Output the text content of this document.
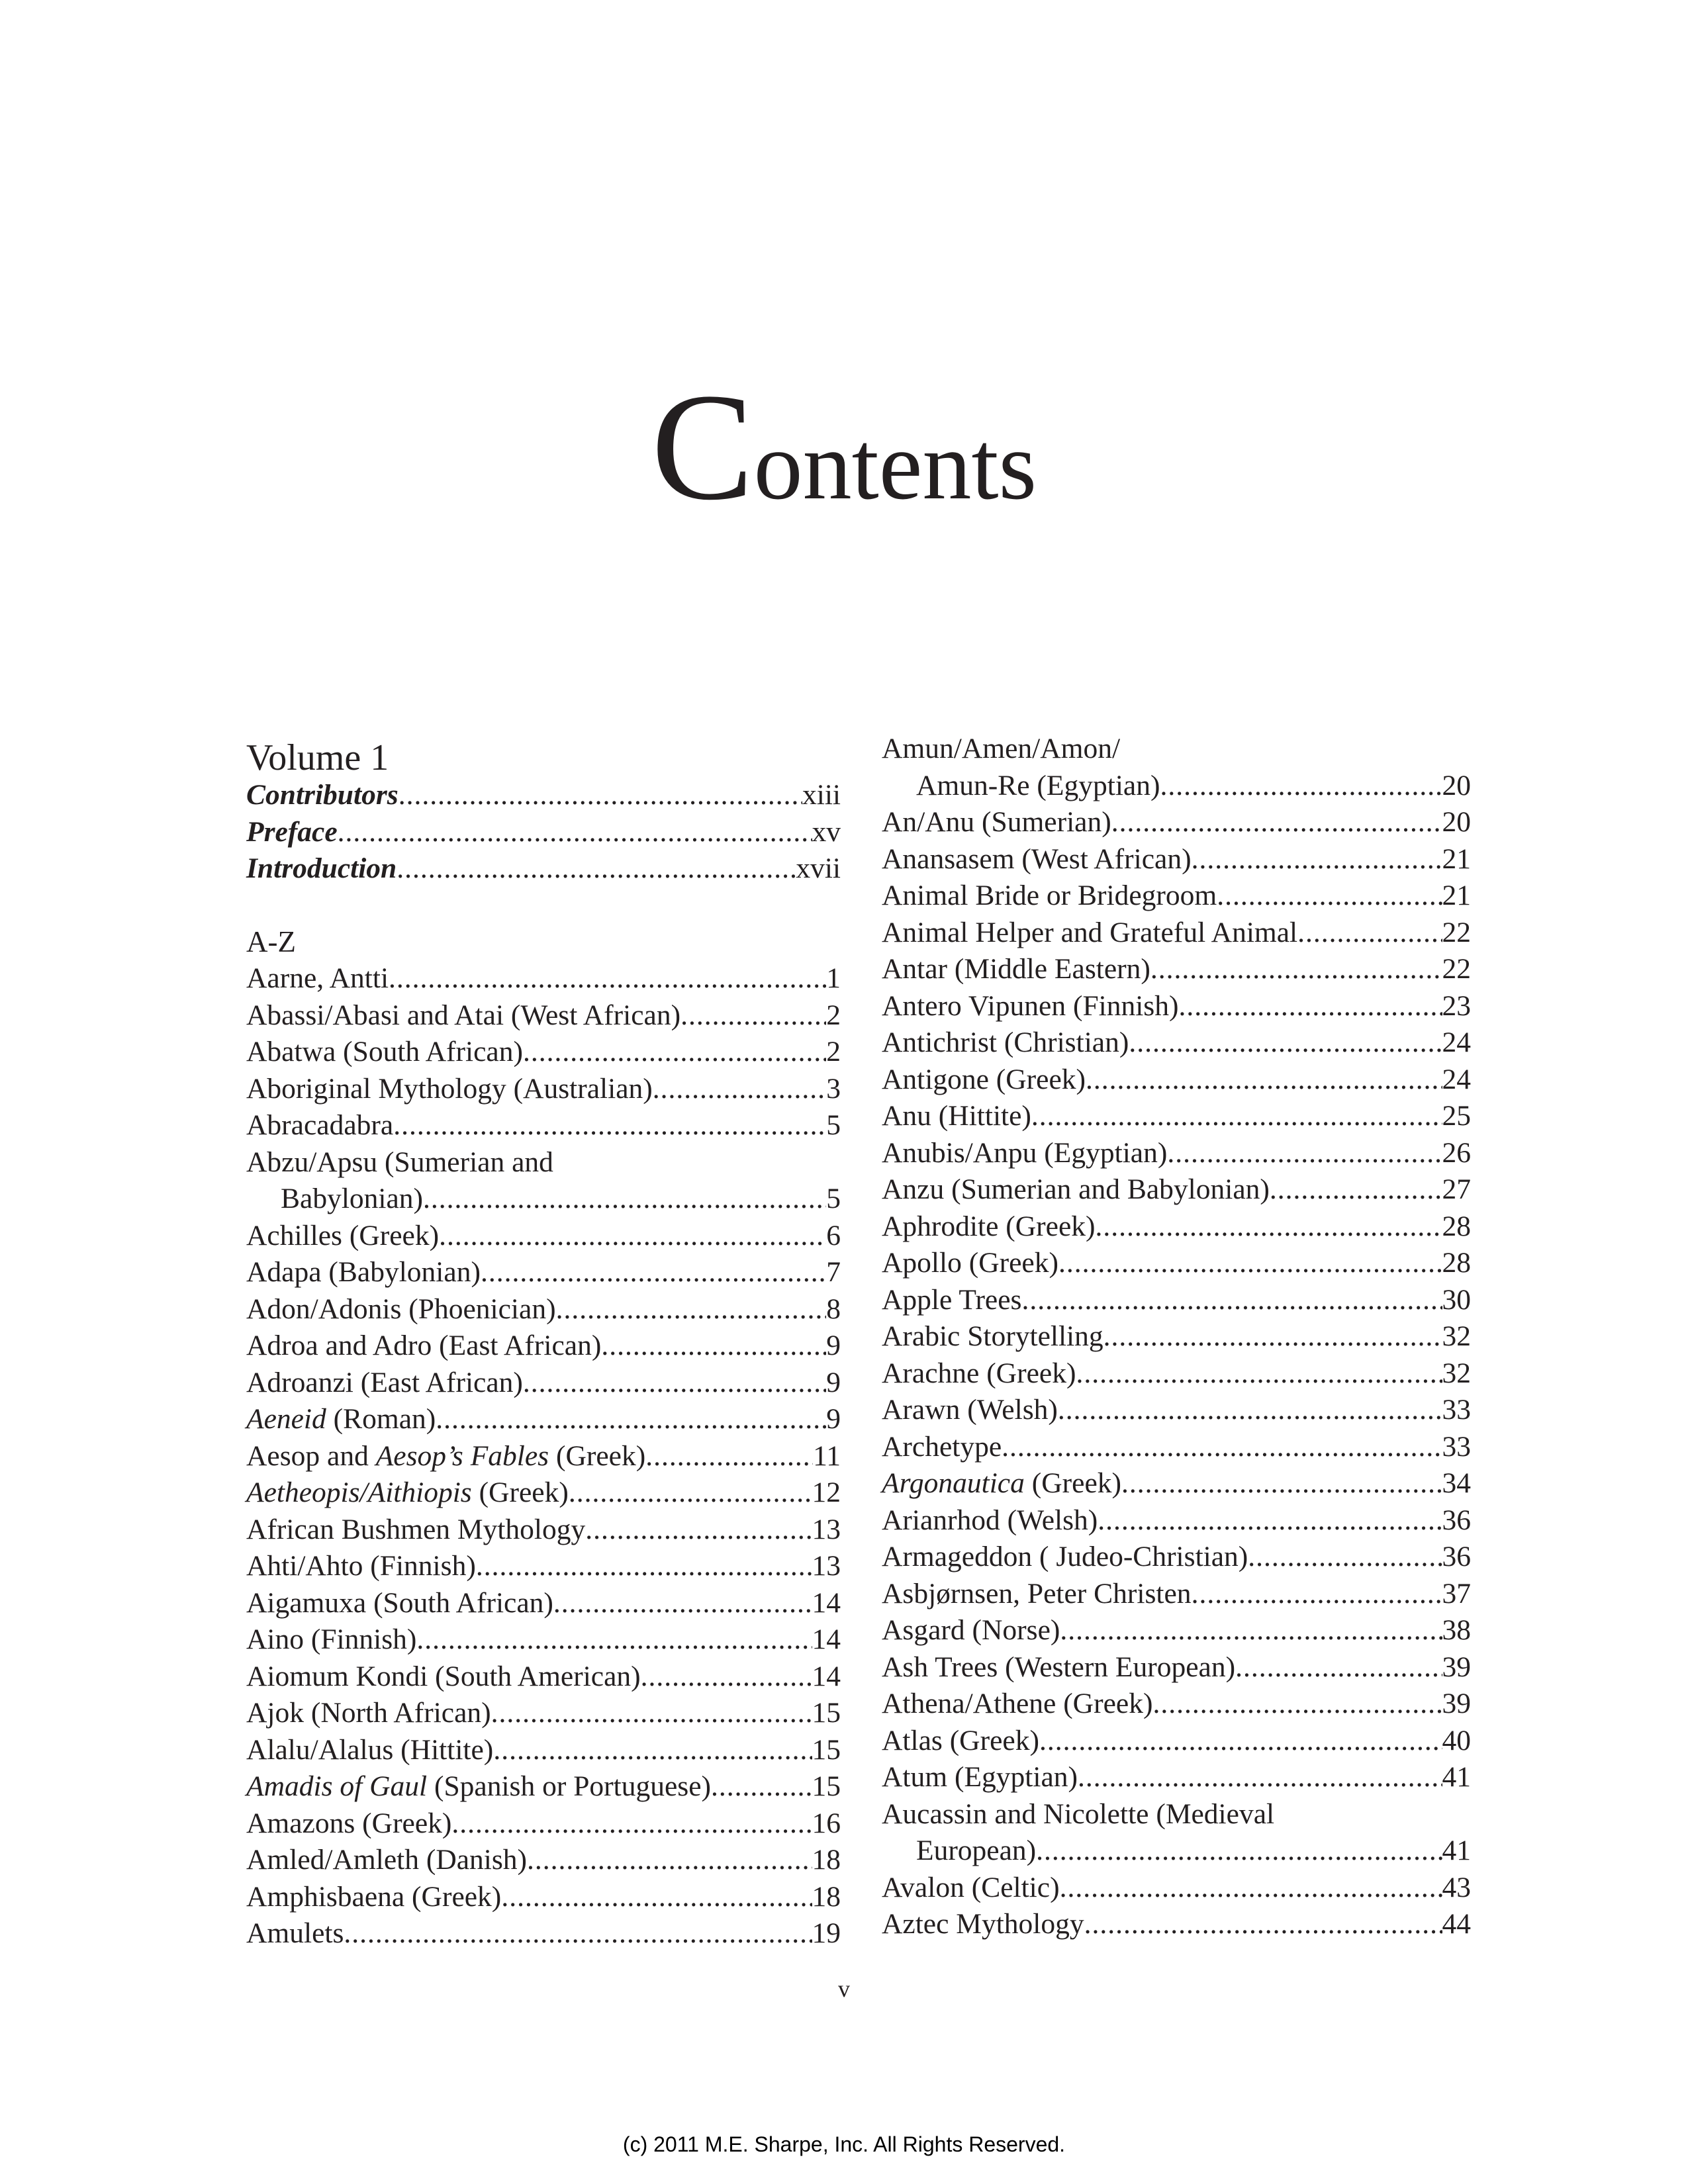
Contents
Volume 1
Contributors .....	xiii
Preface .....	xv
Introduction .....	xvii
A-Z
Aarne, Antti .....	1
Abassi/Abasi and Atai (West African) .....	2
Abatwa (South African) .....	2
Aboriginal Mythology (Australian) .....	3
Abracadabra .....	5
Abzu/Apsu (Sumerian and
Babylonian) .....	5
Achilles (Greek) .....	6
Adapa (Babylonian) .....	7
Adon/Adonis (Phoenician) .....	8
Adroa and Adro (East African) .....	9
Adroanzi (East African) .....	9
Aeneid (Roman) .....	9
Aesop and Aesop’s Fables (Greek) .....	11
Aetheopis/Aithiopis (Greek) .....	12
African Bushmen Mythology .....	13
Ahti/Ahto (Finnish) .....	13
Aigamuxa (South African) .....	14
Aino (Finnish) .....	14
Aiomum Kondi (South American) .....	14
Ajok (North African) .....	15
Alalu/Alalus (Hittite) .....	15
Amadis of Gaul (Spanish or Portuguese) .....	15
Amazons (Greek) .....	16
Amled/Amleth (Danish) .....	18
Amphisbaena (Greek) .....	18
Amulets .....	19
Amun/Amen/Amon/
Amun-Re (Egyptian) .....	20
An/Anu (Sumerian) .....	20
Anansasem (West African) .....	21
Animal Bride or Bridegroom .....	21
Animal Helper and Grateful Animal .....	22
Antar (Middle Eastern) .....	22
Antero Vipunen (Finnish) .....	23
Antichrist (Christian) .....	24
Antigone (Greek) .....	24
Anu (Hittite) .....	25
Anubis/Anpu (Egyptian) .....	26
Anzu (Sumerian and Babylonian) .....	27
Aphrodite (Greek) .....	28
Apollo (Greek) .....	28
Apple Trees .....	30
Arabic Storytelling .....	32
Arachne (Greek) .....	32
Arawn (Welsh) .....	33
Archetype .....	33
Argonautica (Greek) .....	34
Arianrhod (Welsh) .....	36
Armageddon ( Judeo-Christian) .....	36
Asbjørnsen, Peter Christen .....	37
Asgard (Norse) .....	38
Ash Trees (Western European) .....	39
Athena/Athene (Greek) .....	39
Atlas (Greek) .....	40
Atum (Egyptian) .....	41
Aucassin and Nicolette (Medieval
European) .....	41
Avalon (Celtic) .....	43
Aztec Mythology .....	44
v
(c) 2011 M.E. Sharpe, Inc. All Rights Reserved.
